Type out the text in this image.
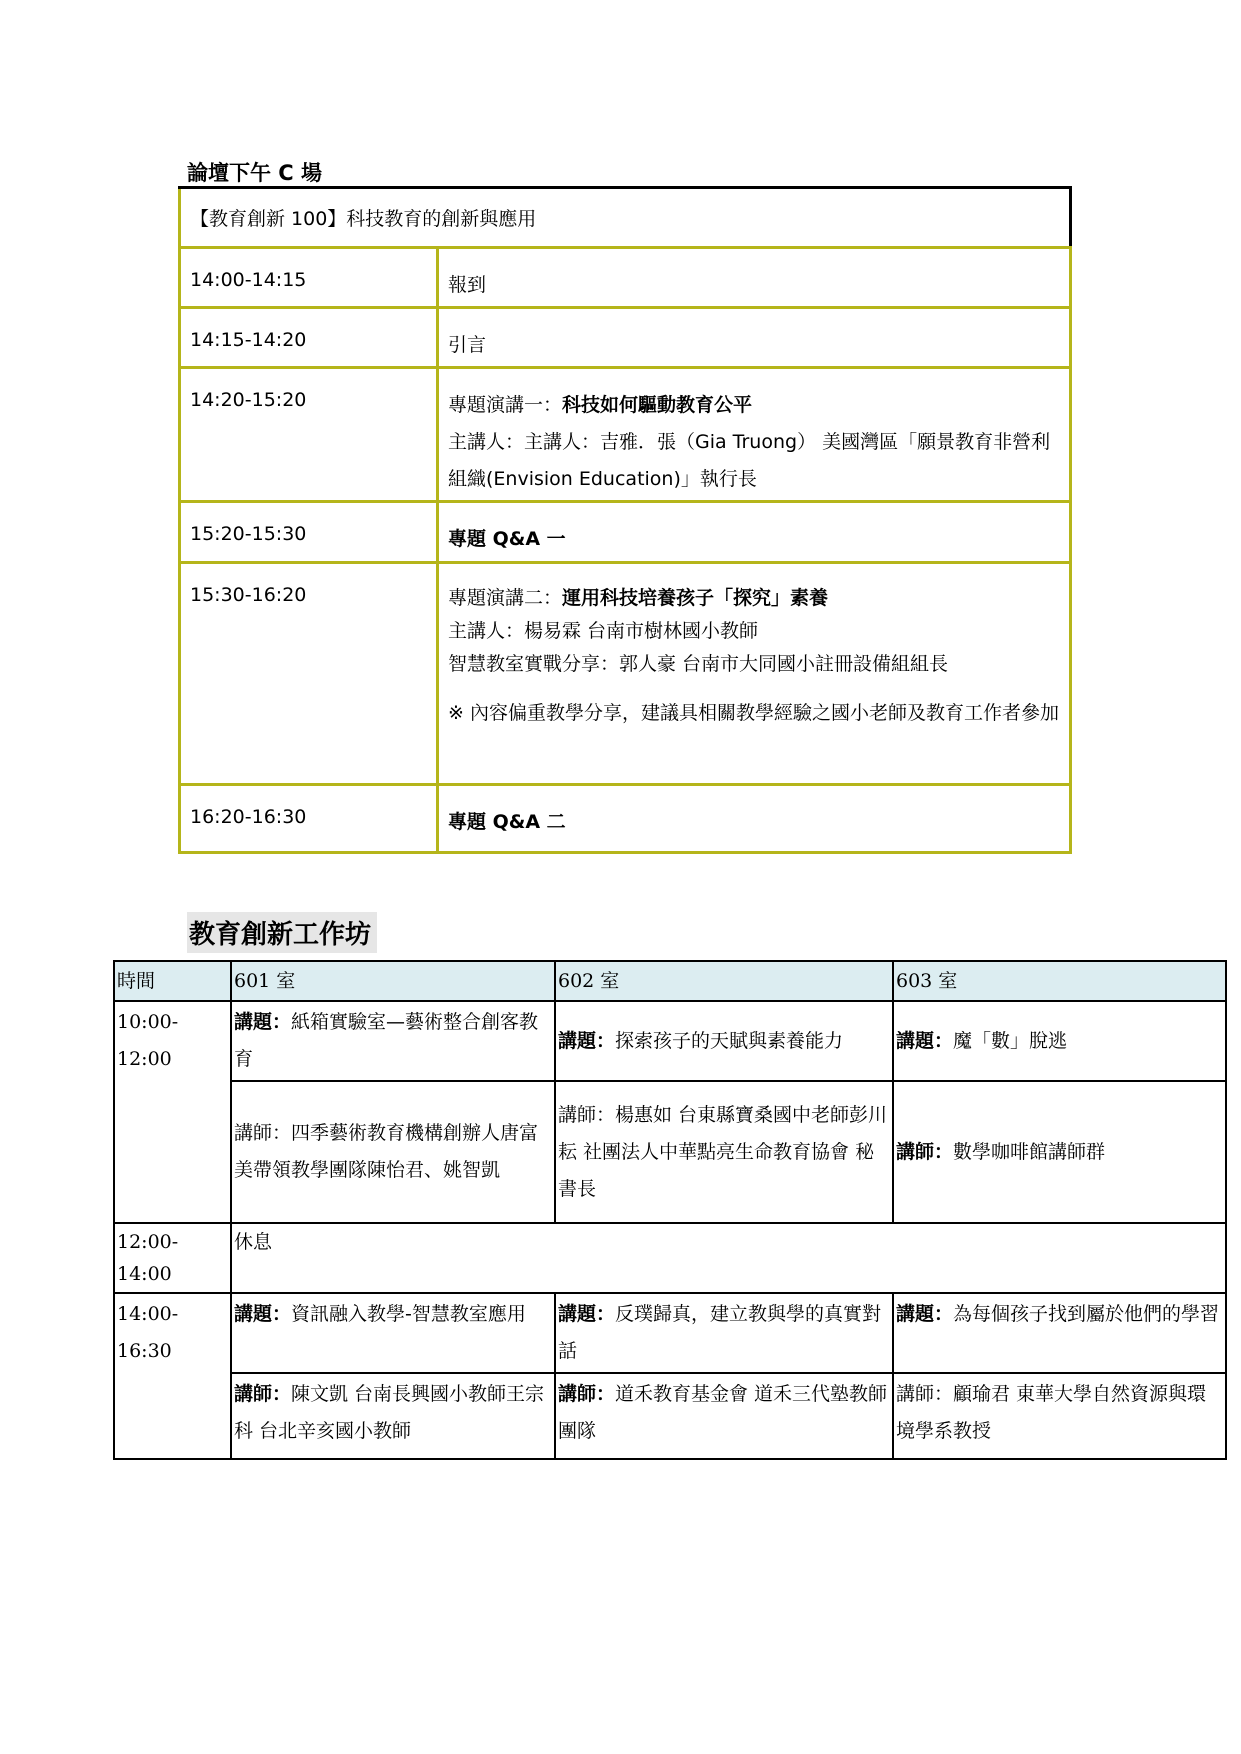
論壇下午 C 場
【教育創新 100】科技教育的創新與應用	
14:00-14:15	報到
14:15-14:20	引言
14:20-15:20	專題演講一：科技如何驅動教育公平

主講人：主講人：吉雅．張（Gia Truong） 美國灣區「願景教育非營利組織(Envision Education)」執行長

15:20-15:30	專題 Q&A 一
15:30-16:20	專題演講二：運用科技培養孩子「探究」素養

主講人：楊易霖 台南市樹林國小教師

智慧教室實戰分享：郭人豪 台南市大同國小註冊設備組組長

※ 內容偏重教學分享，建議具相關教學經驗之國小老師及教育工作者參加

16:20-16:30	專題 Q&A 二
教育創新工作坊
時間	601 室	602 室	603 室
10:00-12:00	講題：紙箱實驗室—藝術整合創客教育	講題：探索孩子的天賦與素養能力	講題：魔「數」脫逃
	講師：四季藝術教育機構創辦人唐富美帶領教學團隊陳怡君、姚智凱	講師：楊惠如 台東縣寶桑國中老師彭川耘 社團法人中華點亮生命教育協會 秘書長	講師：數學咖啡館講師群
12:00-14:00	休息		
14:00-16:30	講題：資訊融入教學-智慧教室應用	講題：反璞歸真，建立教與學的真實對話	講題：為每個孩子找到屬於他們的學習
	講師：陳文凱 台南長興國小教師王宗科 台北辛亥國小教師	講師：道禾教育基金會 道禾三代塾教師團隊	講師：顧瑜君 東華大學自然資源與環境學系教授
